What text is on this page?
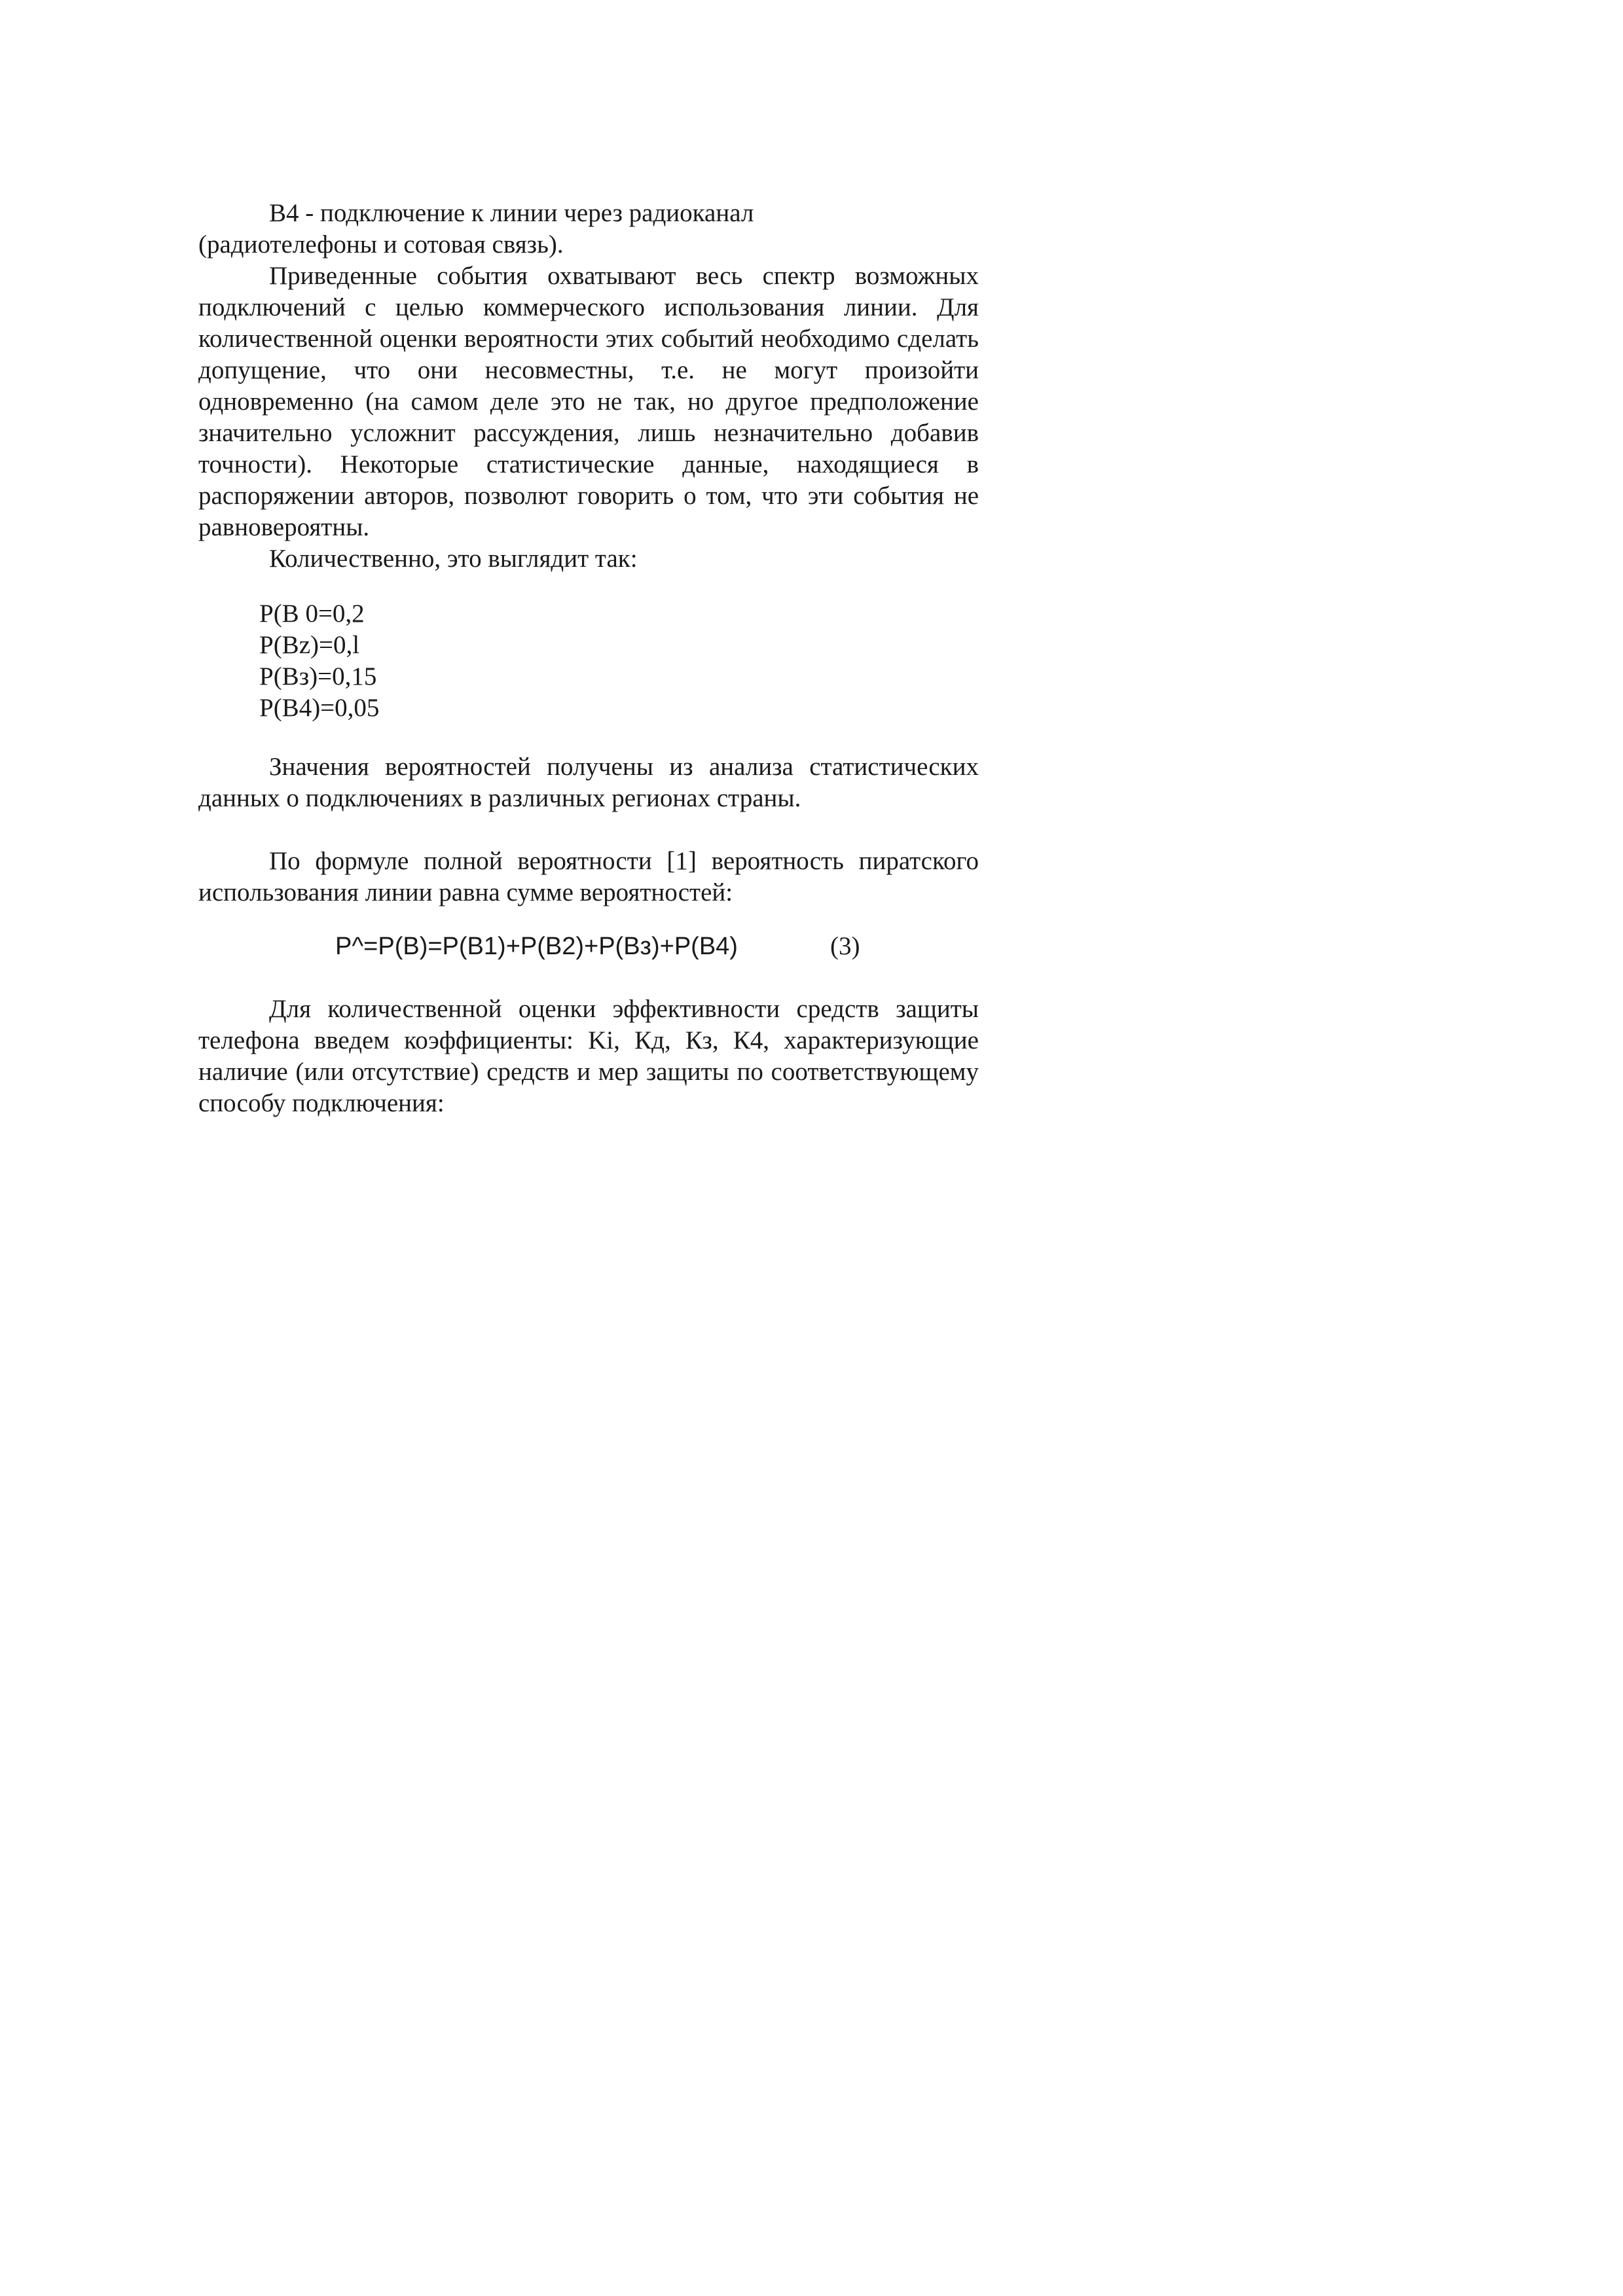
В4 - подключение к линии через радиоканал (радиотелефоны и сотовая связь).

Приведенные события охватывают весь спектр возможных подключений с целью коммерческого использования линии. Для количественной оценки вероятности этих событий необходимо сделать допущение, что они несовместны, т.е. не могут произойти одновременно (на самом деле это не так, но другое предположение значительно усложнит рассуждения, лишь незначительно добавив точности). Некоторые статистические данные, находящиеся в распоряжении авторов, позволют говорить о том, что эти события не равновероятны.

Количественно, это выглядит так:

P(B 0=0,2
P(Bz)=0,l
P(Bз)=0,15
P(B4)=0,05

Значения вероятностей получены из анализа статистических данных о подключениях в различных регионах страны.

По формуле полной вероятности [1] вероятность пиратского использования линии равна сумме вероятностей:

P^=P(B)=P(B1)+P(B2)+P(Bз)+P(B4)	(3)

Для количественной оценки эффективности средств защиты телефона введем коэффициенты: Ki, Кд, Кз, К4, характеризующие наличие (или отсутствие) средств и мер защиты по соответствующему способу подключения:
